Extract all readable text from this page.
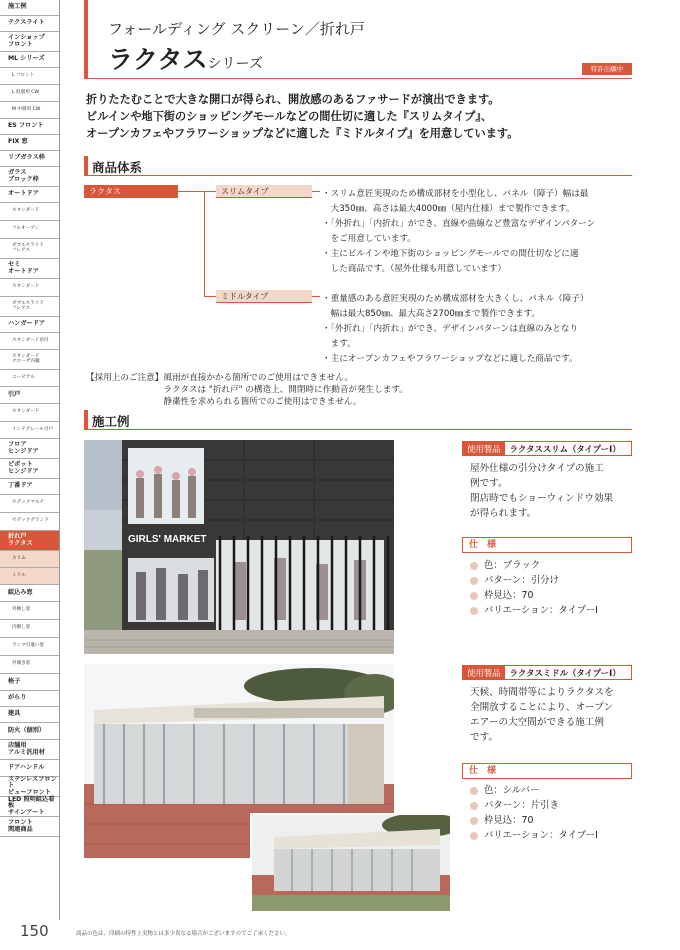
施工例
テクスライト
インショップ
フロント
ML シリーズ
L フロント
L 低層用 CW
M 中層用 CW
ES フロント
FIX 窓
リブガラス枠
ガラス
ブロック枠
オートドア
スタンダード
フルオープン
ダブルスライド
フレアス
セミ
オートドア
スタンダード
ダブルスライド
フレアス
ハンガードア
スタンダード吊付
スタンダード
クローザ内蔵
ユーピアル
引戸
スタンダード
インテグレール引戸
フロア
ヒンジドア
ピボット
ヒンジドア
丁番ドア
セデックマルチ
セデックグランド
折れ戸
ラクタス
スリム
ミドル
組込み窓
外倒し窓
内倒し窓
ランマ引違い窓
外開き窓
格子
がらり
建具
防火（個別）
店舗用
アルミ汎用材
ドアハンドル
ステンレスフロント
ビューフロント
LED 照明組込看板
サインアート
フロント
関連商品
フォールディング スクリーン／折れ戸
ラクタスシリーズ	特許出願中
折りたたむことで大きな開口が得られ、開放感のあるファサードが演出できます。
ビルインや地下街のショッピングモールなどの間仕切に適した『スリムタイプ』、
オープンカフェやフラワーショップなどに適した『ミドルタイプ』を用意しています。
商品体系
ラクタス	スリムタイプ	・スリム意匠実現のため構成部材を小型化し、パネル（障子）幅は最
　大350㎜、高さは最大4000㎜（屋内仕様）まで製作できます。
・「外折れ」「内折れ」ができ、直線や曲線など豊富なデザインパターン
　をご用意しています。
・主にビルインや地下街のショッピングモールでの間仕切などに適
　した商品です。（屋外仕様も用意しています）
ミドルタイプ	・重量感のある意匠実現のため構成部材を大きくし、パネル（障子）
　幅は最大850㎜、最大高さ2700㎜まで製作できます。
・「外折れ」「内折れ」ができ、デザインパターンは直線のみとなり
　ます。
・主にオープンカフェやフラワーショップなどに適した商品です。
【採用上のご注意】風雨が直接かかる箇所でのご使用はできません。
　　　　　　　　　ラクタスは "折れ戸" の構造上、開閉時に作動音が発生します。
　　　　　　　　　静粛性を求められる箇所でのご使用はできません。
施工例
GIRLS' MARKET
使用製品	ラクタススリム（タイプーⅠ）
屋外仕様の引分けタイプの施工
例です。
閉店時でもショーウィンドウ効果
が得られます。
仕　様
色：ブラック
パターン：引分け
枠見込：70
バリエーション：タイプーⅠ
使用製品	ラクタスミドル（タイプーⅠ）
天候、時間帯等によりラクタスを
全開放することにより、オープン
エアーの大空間ができる施工例
です。
仕　様
色：シルバー
パターン：片引き
枠見込：70
バリエーション：タイプーⅠ
150	商品の色は、印刷の特性上実物とは多少異なる場合がございますのでご了承ください。
